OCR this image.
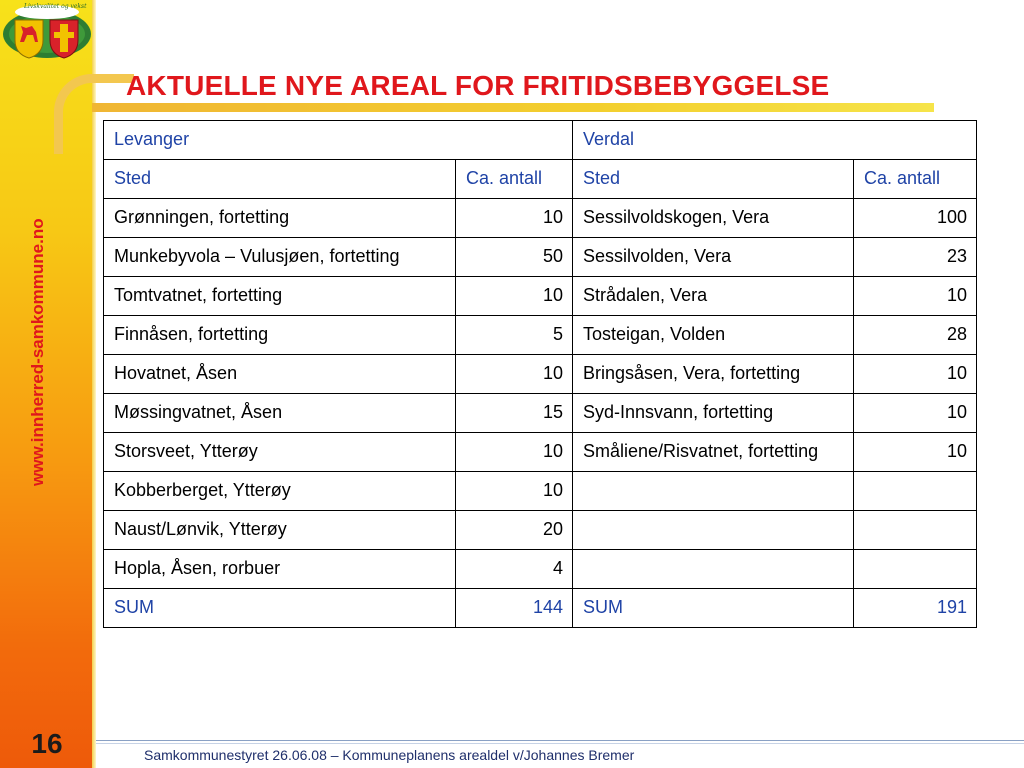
Livskvalitet og vekst
www.innherred-samkommune.no
AKTUELLE NYE AREAL FOR FRITIDSBEBYGGELSE
Levanger		Verdal	
Sted	Ca. antall	Sted	Ca. antall
Grønningen, fortetting	10	Sessilvoldskogen, Vera	100
Munkebyvola – Vulusjøen, fortetting	50	Sessilvolden, Vera	23
Tomtvatnet, fortetting	10	Strådalen, Vera	10
Finnåsen, fortetting	5	Tosteigan, Volden	28
Hovatnet, Åsen	10	Bringsåsen, Vera, fortetting	10
Møssingvatnet, Åsen	15	Syd-Innsvann, fortetting	10
Storsveet, Ytterøy	10	Småliene/Risvatnet, fortetting	10
Kobberberget, Ytterøy	10		
Naust/Lønvik, Ytterøy	20		
Hopla, Åsen, rorbuer	4		
SUM	144	SUM	191
16	Samkommunestyret 26.06.08 – Kommuneplanens arealdel v/Johannes Bremer
